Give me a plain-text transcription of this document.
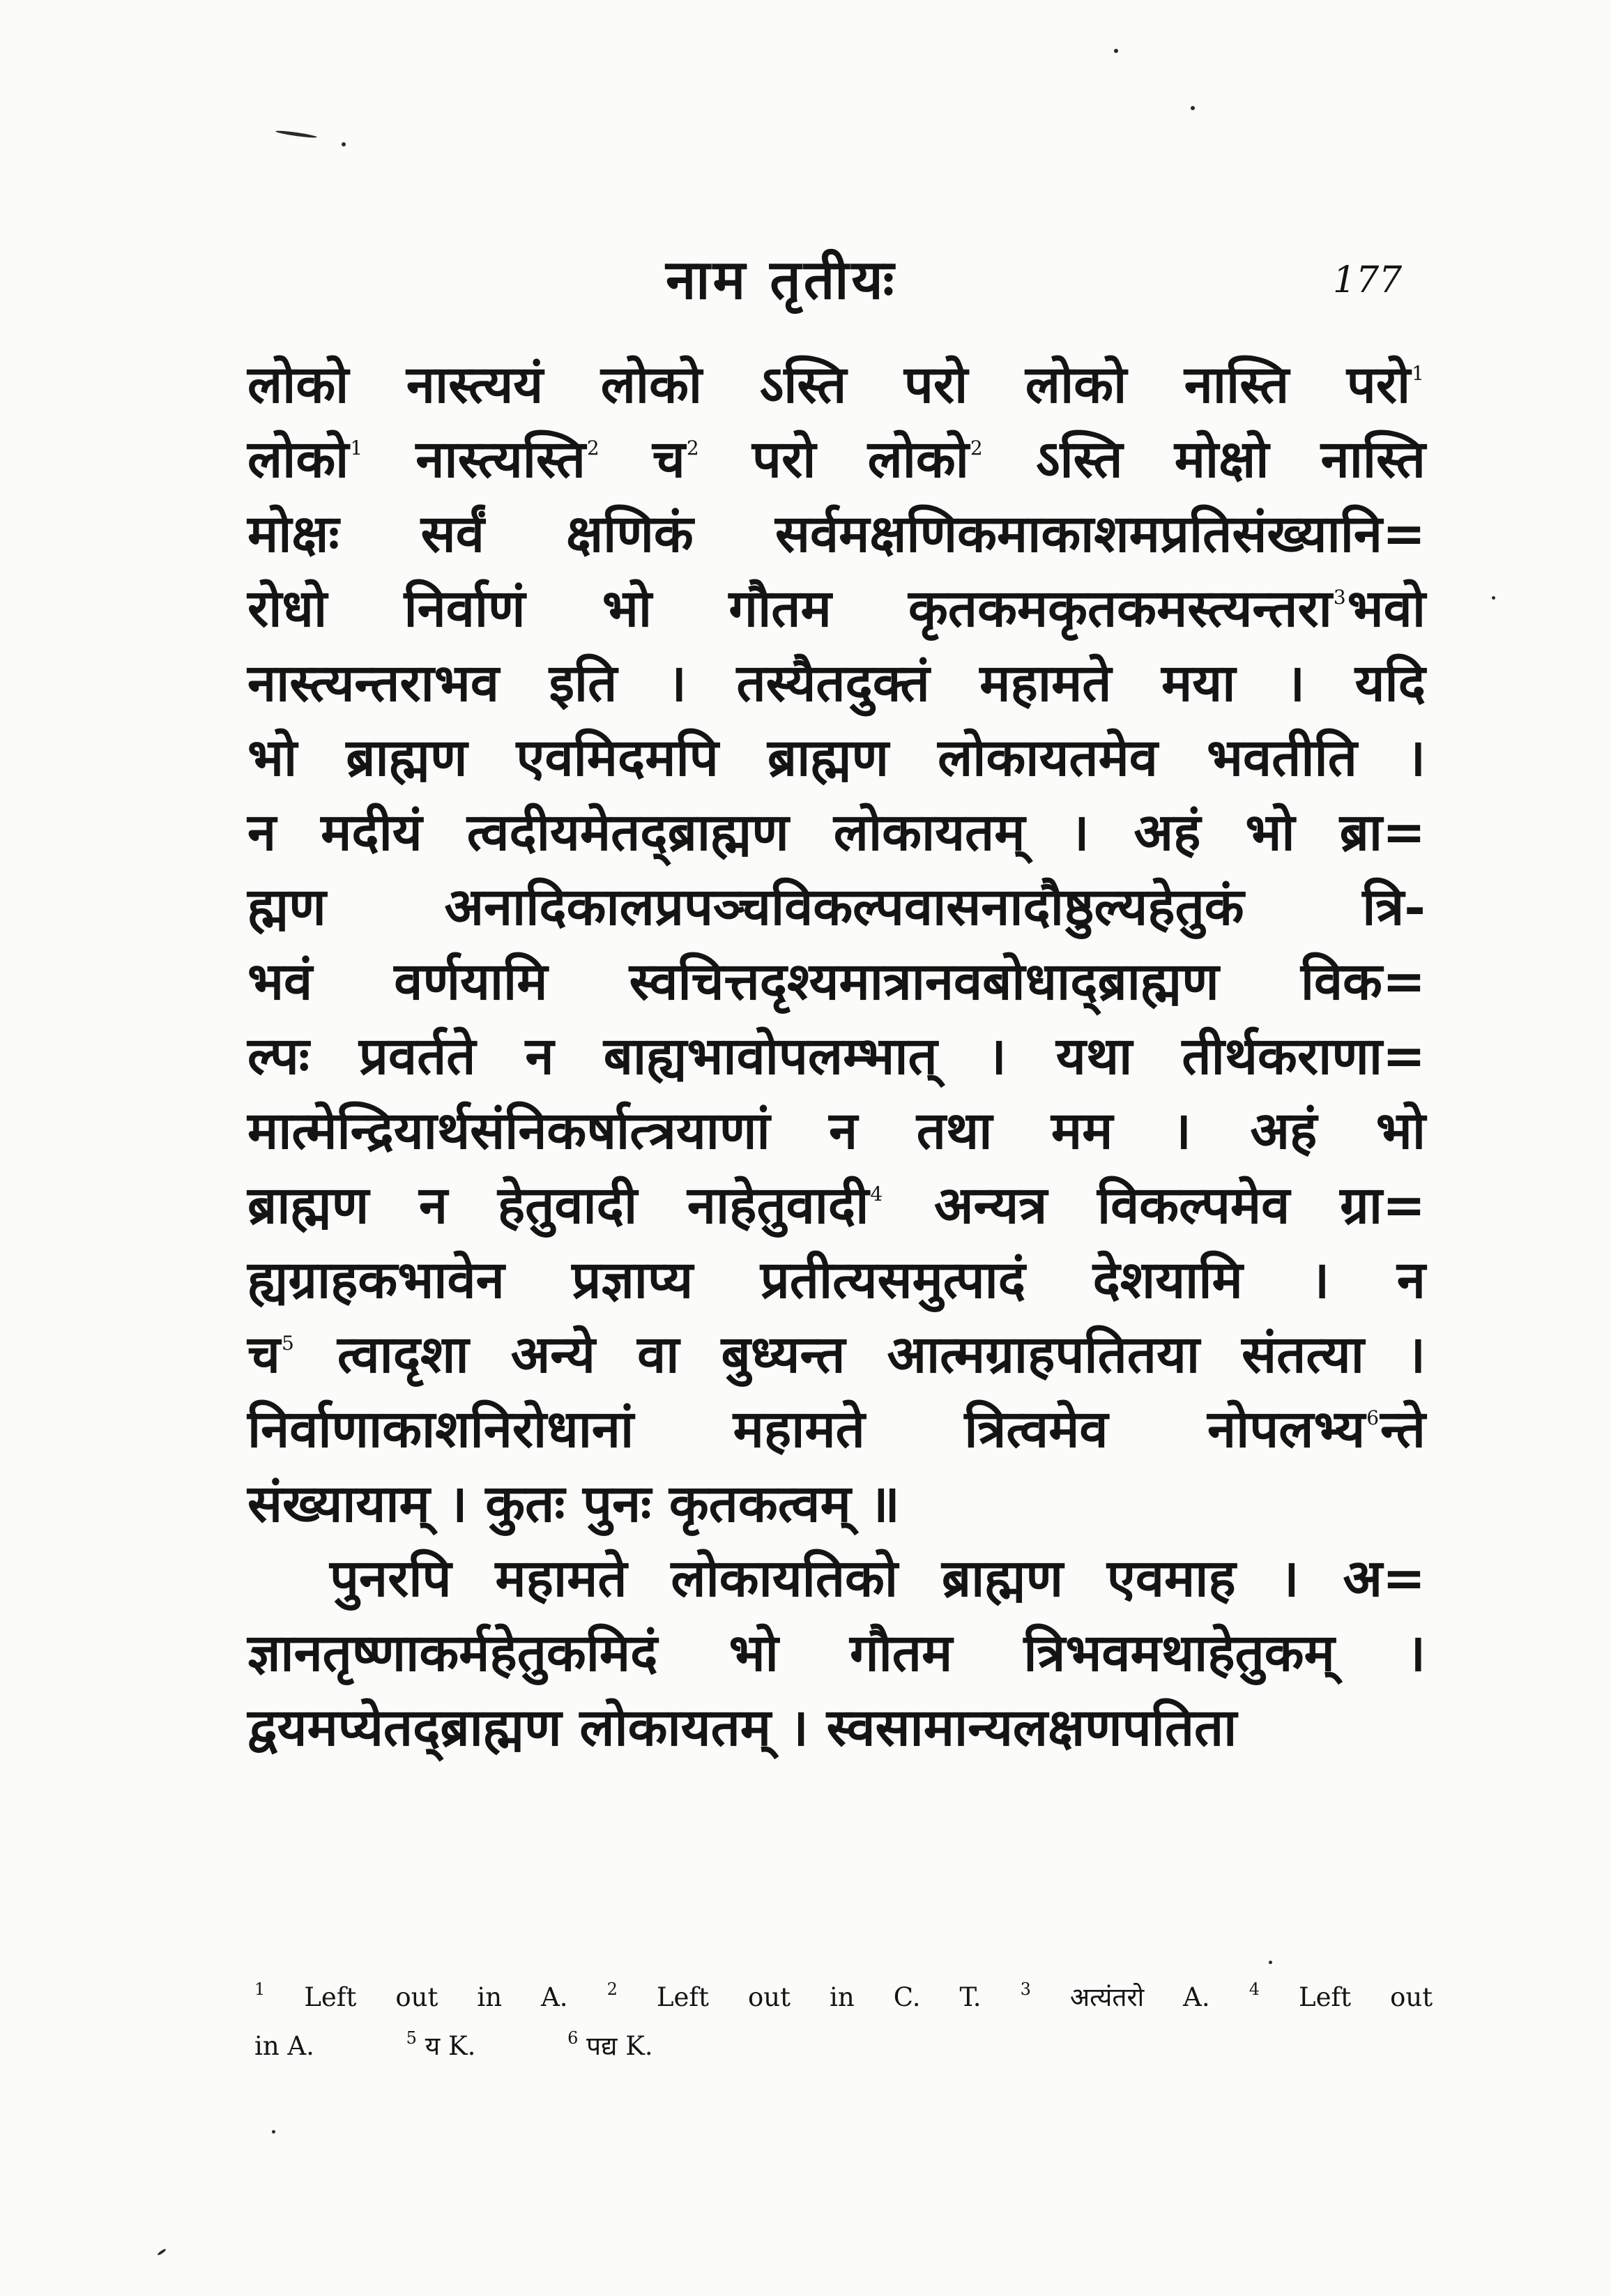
नाम तृतीयः	177
लोको नास्त्ययं लोको ऽस्ति परो लोको नास्ति परो$^1$
लोको$^1$ नास्त्यस्ति$^2$ च$^2$ परो लोको$^2$ ऽस्ति मोक्षो नास्ति
मोक्षः सर्वं क्षणिकं सर्वमक्षणिकमाकाशमप्रतिसंख्यानि=
रोधो निर्वाणं भो गौतम कृतकमकृतकमस्त्यन्तरा$^3$भवो
नास्त्यन्तराभव इति । तस्यैतदुक्तं महामते मया । यदि
भो ब्राह्मण एवमिदमपि ब्राह्मण लोकायतमेव भवतीति ।
न मदीयं त्वदीयमेतद्ब्राह्मण लोकायतम् । अहं भो ब्रा=
ह्मण अनादिकालप्रपञ्चविकल्पवासनादौष्ठुल्यहेतुकं त्रि-
भवं वर्णयामि स्वचित्तदृश्यमात्रानवबोधाद्ब्राह्मण विक=
ल्पः प्रवर्तते न बाह्यभावोपलम्भात् । यथा तीर्थकराणा=
मात्मेन्द्रियार्थसंनिकर्षात्त्रयाणां न तथा मम । अहं भो
ब्राह्मण न हेतुवादी नाहेतुवादी$^4$ अन्यत्र विकल्पमेव ग्रा=
ह्यग्राहकभावेन प्रज्ञाप्य प्रतीत्यसमुत्पादं देशयामि । न
च$^5$ त्वादृशा अन्ये वा बुध्यन्त आत्मग्राहपतितया संतत्या ।
निर्वाणाकाशनिरोधानां महामते त्रित्वमेव नोपलभ्य$^6$न्ते
संख्यायाम् । कुतः पुनः कृतकत्वम् ॥
पुनरपि महामते लोकायतिको ब्राह्मण एवमाह । अ=
ज्ञानतृष्णाकर्महेतुकमिदं भो गौतम त्रिभवमथाहेतुकम् ।
द्वयमप्येतद्ब्राह्मण लोकायतम् । स्वसामान्यलक्षणपतिता
$^1$ Left out in A. $^2$ Left out in C. T. $^3$ अत्यंतरो A. $^4$ Left out
in A.	$^5$ य K.	$^6$ पद्य K.
